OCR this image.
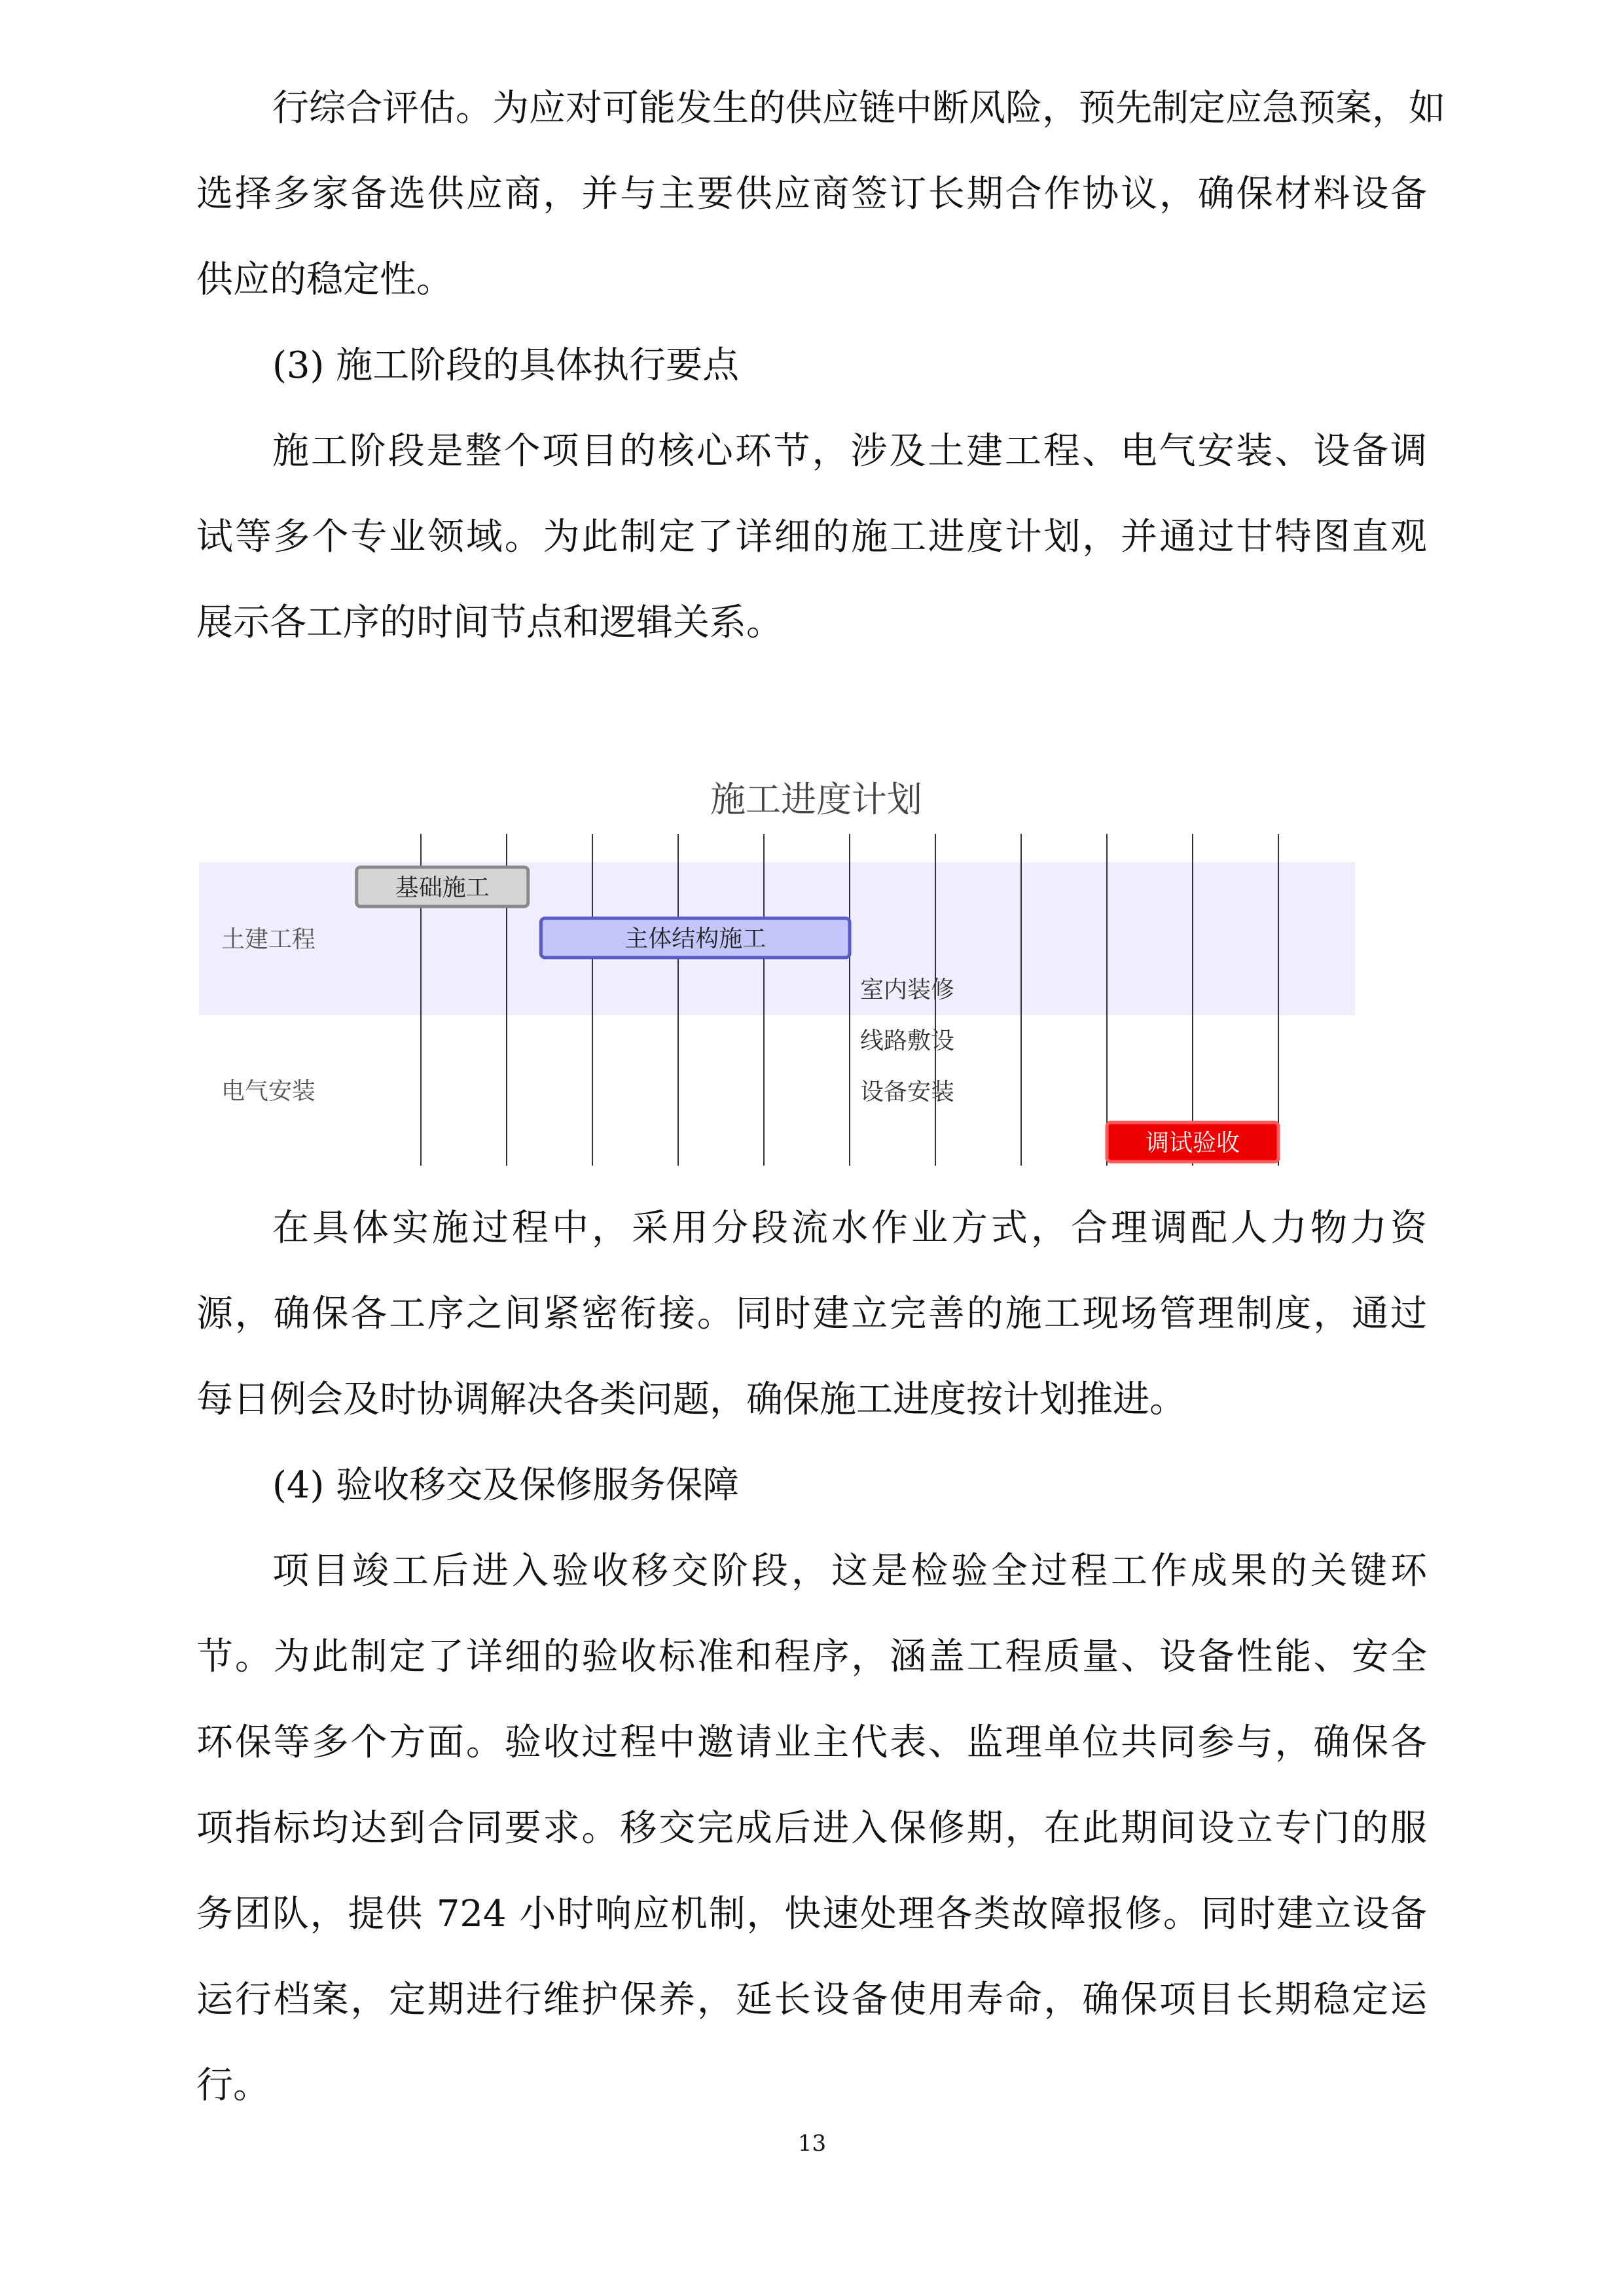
行综合评估。为应对可能发生的供应链中断风险，预先制定应急预案，如
选择多家备选供应商，并与主要供应商签订长期合作协议，确保材料设备
供应的稳定性。
(3) 施工阶段的具体执行要点
施工阶段是整个项目的核心环节，涉及土建工程、电气安装、设备调
试等多个专业领域。为此制定了详细的施工进度计划，并通过甘特图直观
展示各工序的时间节点和逻辑关系。
土建工程
电气安装
施工进度计划
基础施工
主体结构施工
室内装修
线路敷设
设备安装
调试验收
在具体实施过程中，采用分段流水作业方式，合理调配人力物力资
源，确保各工序之间紧密衔接。同时建立完善的施工现场管理制度，通过
每日例会及时协调解决各类问题，确保施工进度按计划推进。
(4) 验收移交及保修服务保障
项目竣工后进入验收移交阶段，这是检验全过程工作成果的关键环
节。为此制定了详细的验收标准和程序，涵盖工程质量、设备性能、安全
环保等多个方面。验收过程中邀请业主代表、监理单位共同参与，确保各
项指标均达到合同要求。移交完成后进入保修期，在此期间设立专门的服
务团队，提供 724 小时响应机制，快速处理各类故障报修。同时建立设备
运行档案，定期进行维护保养，延长设备使用寿命，确保项目长期稳定运
行。
13
